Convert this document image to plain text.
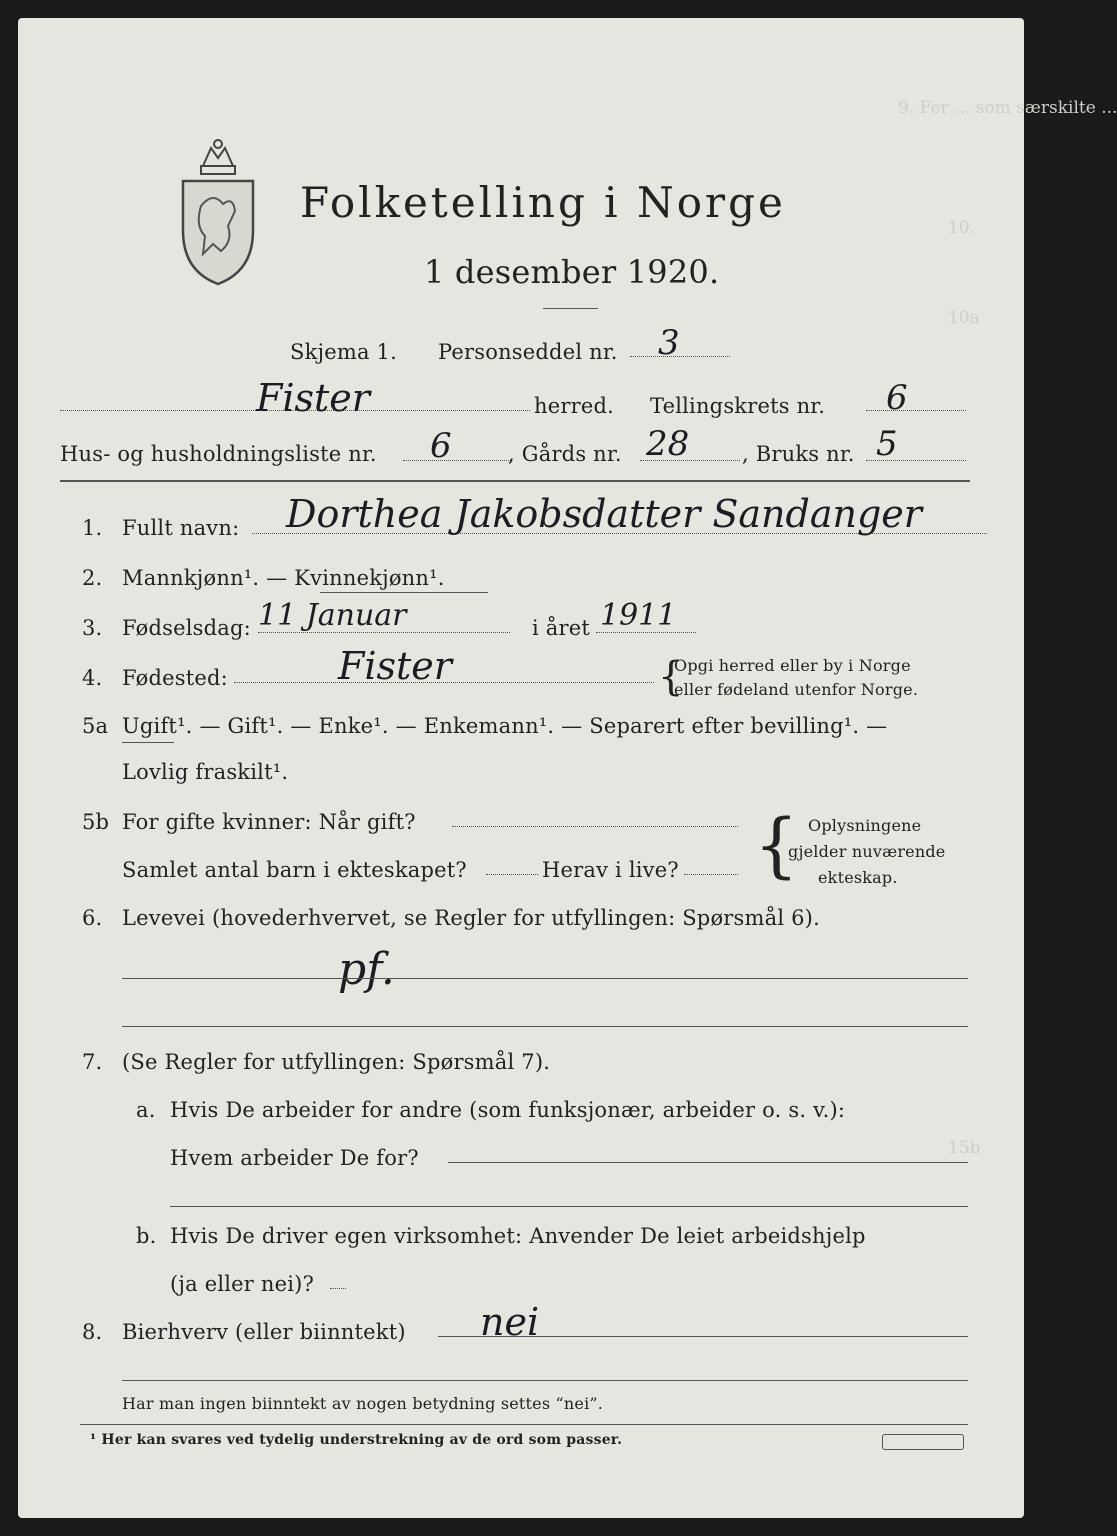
9. Fer ... som særskilte ...
10.
10a
15b
Folketelling i Norge
1 desember 1920.
Skjema 1. Personseddel nr. 3
Fister	herred. Tellingskrets nr. 6
Hus- og husholdningsliste nr. 6	, Gårds nr. 28	, Bruks nr. 5
1. Fullt navn: Dorthea Jakobsdatter Sandanger
2. Mannkjønn¹. — Kvinnekjønn¹.
3. Fødselsdag: 11 Januar	i året 1911
4. Fødested:	Fister	{
Opgi herred eller by i Norge
eller fødeland utenfor Norge.
5a Ugift¹. — Gift¹. — Enke¹. — Enkemann¹. — Separert efter bevilling¹. —
Lovlig fraskilt¹.
5b For gifte kvinner: Når gift?
Samlet antal barn i ekteskapet?	Herav i live? { Oplysningene
gjelder nuværende
ekteskap.
6. Levevei (hovederhvervet, se Regler for utfyllingen: Spørsmål 6).
pf.
7. (Se Regler for utfyllingen: Spørsmål 7).
a. Hvis De arbeider for andre (som funksjonær, arbeider o. s. v.):
Hvem arbeider De for?
b. Hvis De driver egen virksomhet: Anvender De leiet arbeidshjelp
(ja eller nei)?
8. Bierhverv (eller biinntekt) nei
Har man ingen biinntekt av nogen betydning settes “nei”.
¹ Her kan svares ved tydelig understrekning av de ord som passer.
